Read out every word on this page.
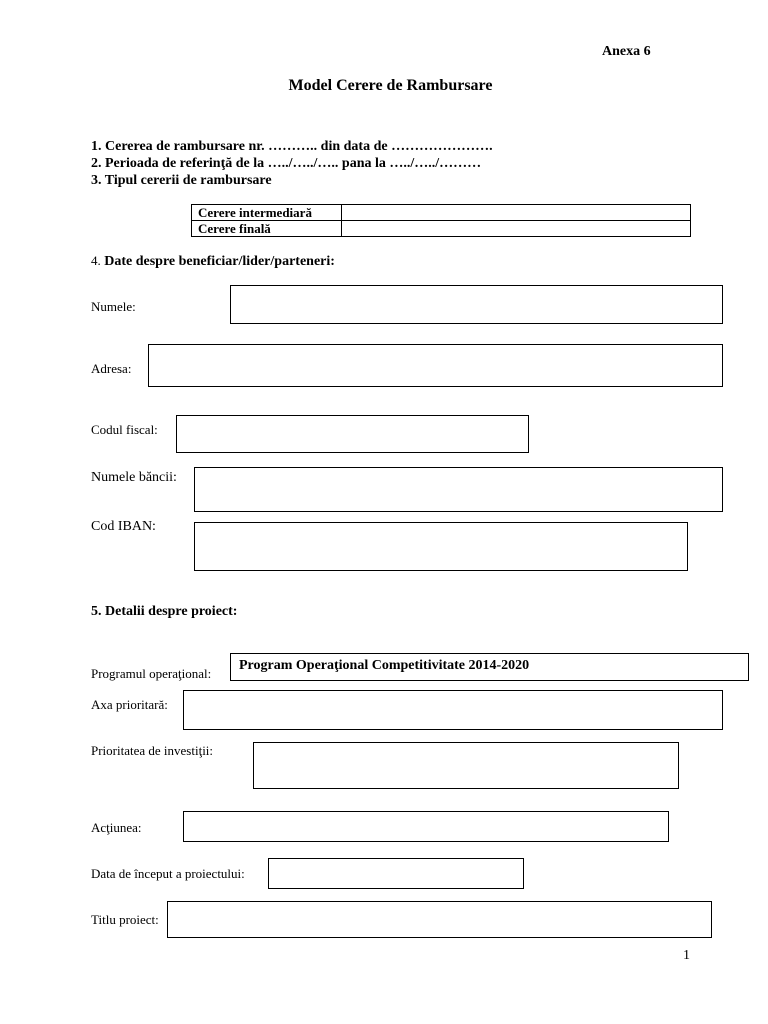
Anexa 6
Model Cerere de Rambursare
1. Cererea de rambursare nr. ……….. din data de ………………….
2. Perioada de referinţă de la …../…../….. pana la …../…../………
3. Tipul cererii de rambursare
Cerere intermediară	
Cerere finală	
4. Date despre beneficiar/lider/parteneri:
Numele:
Adresa:
Codul fiscal:
Numele băncii:
Cod IBAN:
5. Detalii despre proiect:
Programul operaţional:
Program Operaţional Competitivitate 2014-2020
Axa prioritară:
Prioritatea de investiţii:
Acţiunea:
Data de început a proiectului:
Titlu proiect:
1
